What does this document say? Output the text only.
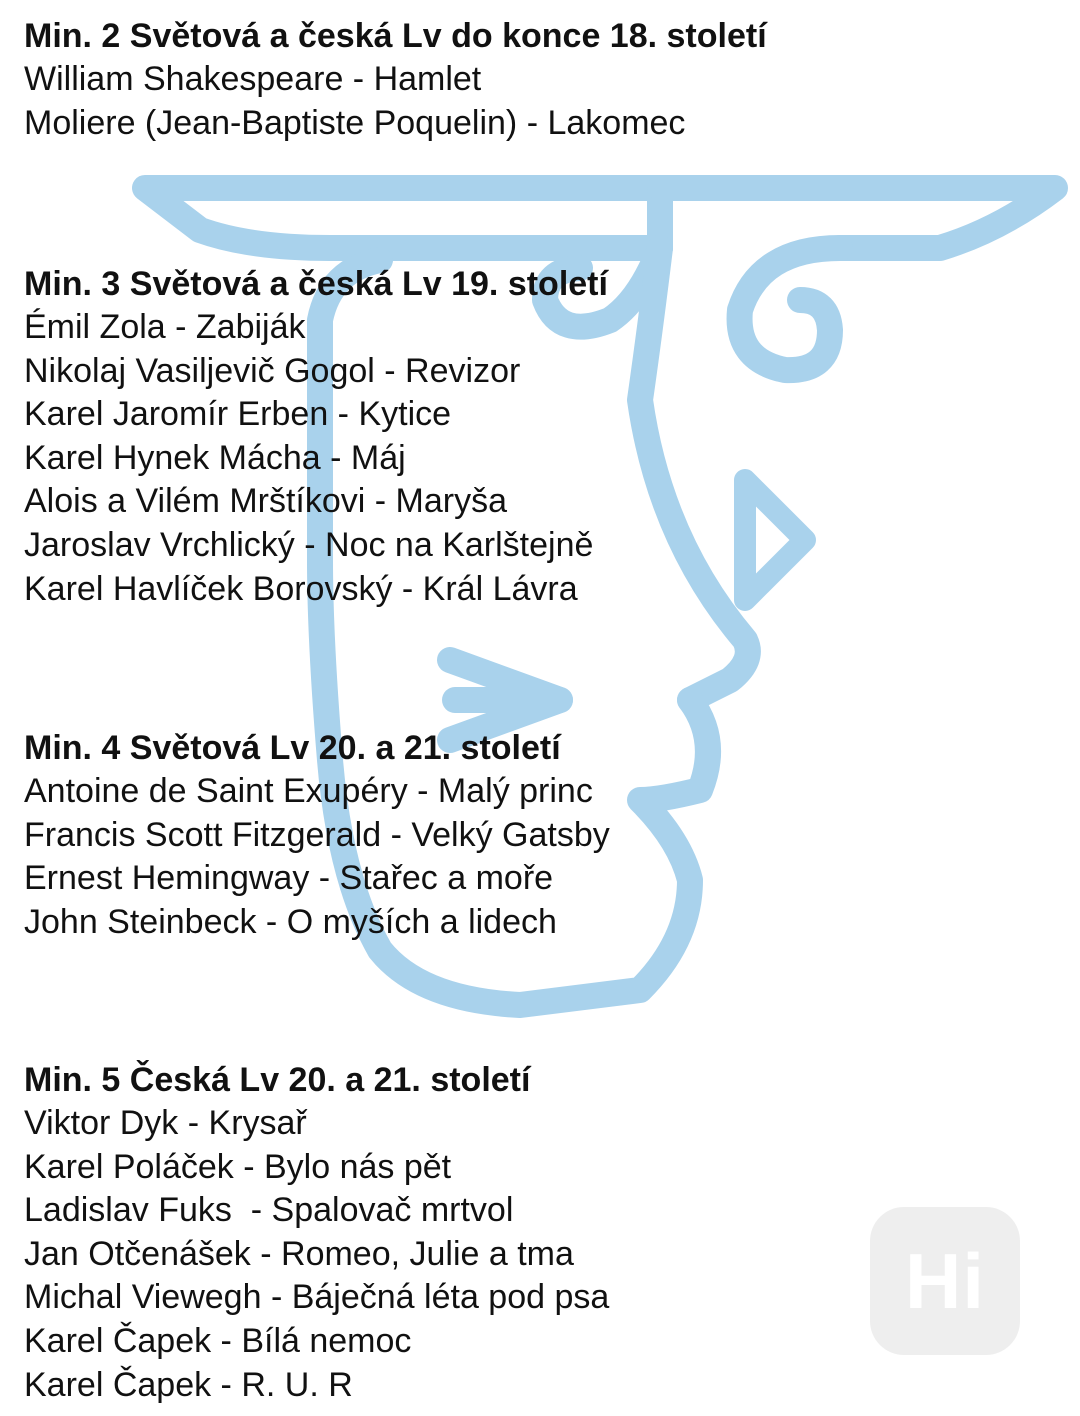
Hi

Min. 2 Světová a česká Lv do konce 18. století

William Shakespeare - Hamlet

Moliere (Jean-Baptiste Poquelin) - Lakomec

Min. 3 Světová a česká Lv 19. století

Émil Zola - Zabiják

Nikolaj Vasiljevič Gogol - Revizor

Karel Jaromír Erben - Kytice

Karel Hynek Mácha - Máj

Alois a Vilém Mrštíkovi - Maryša

Jaroslav Vrchlický - Noc na Karlštejně

Karel Havlíček Borovský - Král Lávra

Min. 4 Světová Lv 20. a 21. století

Antoine de Saint Exupéry - Malý princ

Francis Scott Fitzgerald - Velký Gatsby

Ernest Hemingway - Stařec a moře

John Steinbeck - O myších a lidech

Min. 5 Česká Lv 20. a 21. století

Viktor Dyk - Krysař

Karel Poláček - Bylo nás pět

Ladislav Fuks  - Spalovač mrtvol

Jan Otčenášek - Romeo, Julie a tma

Michal Viewegh - Báječná léta pod psa

Karel Čapek - Bílá nemoc

Karel Čapek - R. U. R
